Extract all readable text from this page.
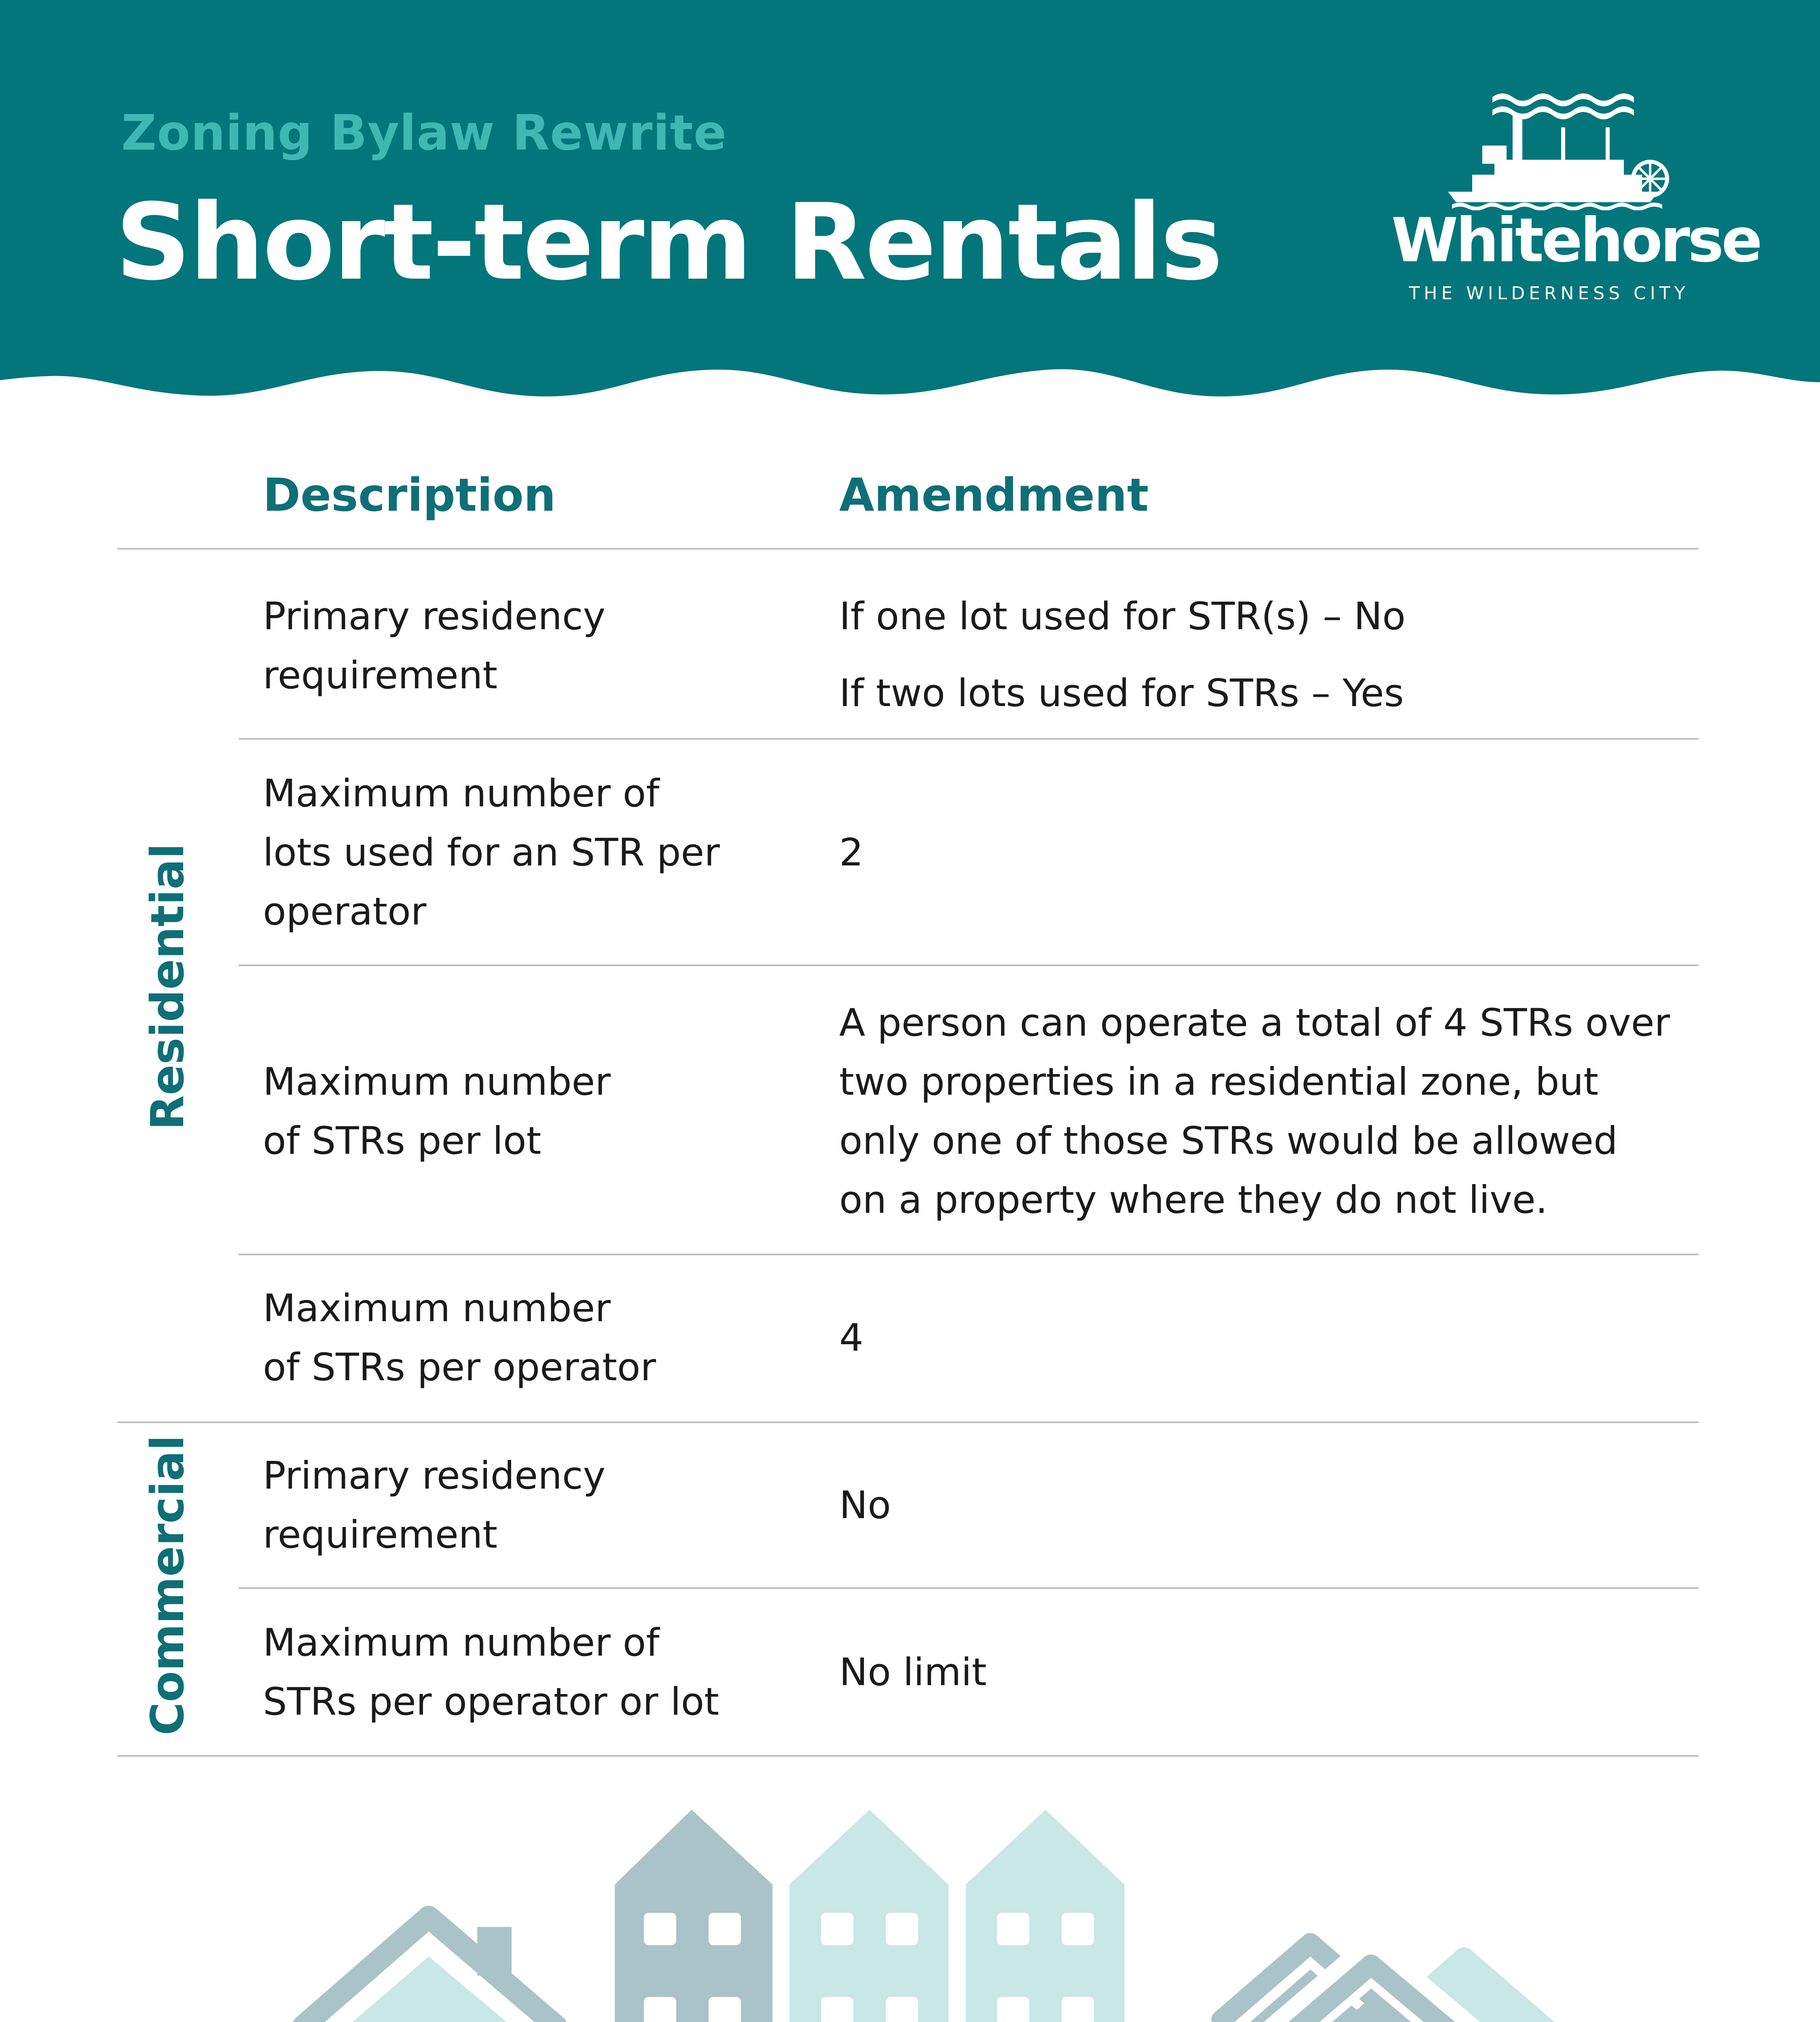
Zoning Bylaw Rewrite
Short-term Rentals	Whitehorse
THE WILDERNESS CITY
Description	Amendment
Residential
Commercial
Primary residency
requirement
If one lot used for STR(s) – No
If two lots used for STRs – Yes
Maximum number of
lots used for an STR per
operator
2
Maximum number
of STRs per lot
A person can operate a total of 4 STRs over
two properties in a residential zone, but
only one of those STRs would be allowed
on a property where they do not live.
Maximum number
of STRs per operator
4
Primary residency
requirement
No
Maximum number of
STRs per operator or lot
No limit
